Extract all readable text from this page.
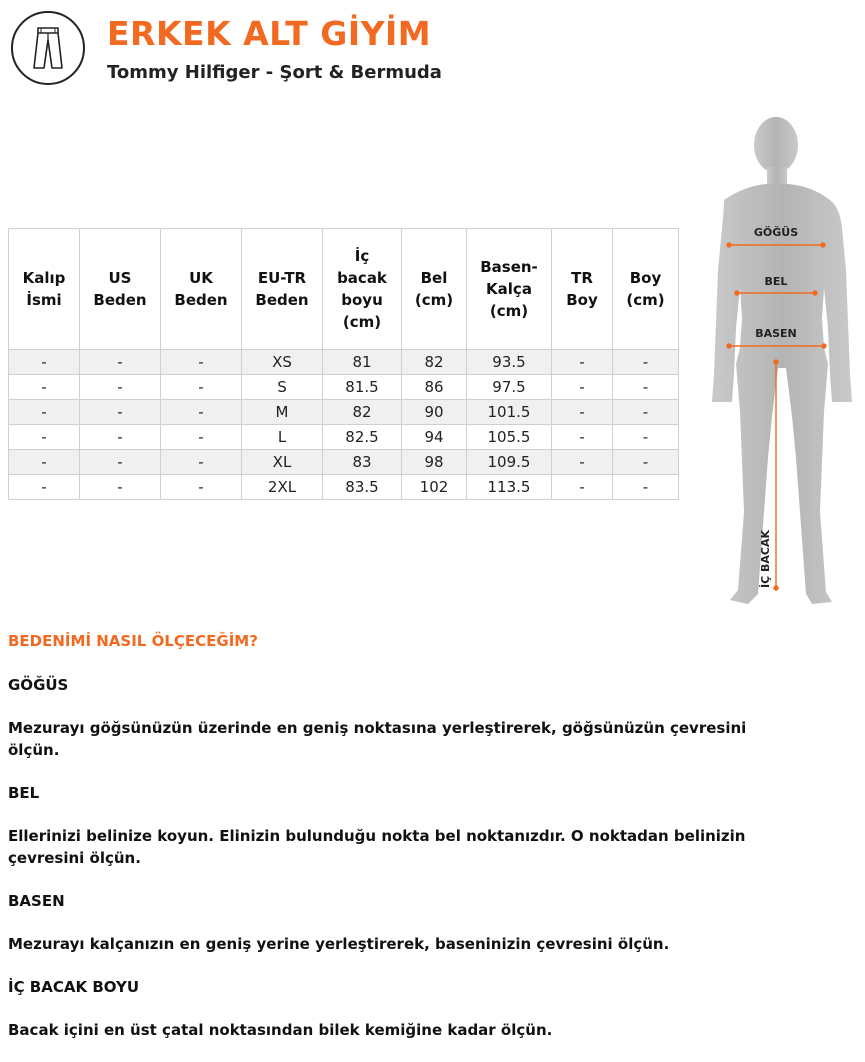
ERKEK ALT GİYİM
Tommy Hilfiger - Şort & Bermuda
Kalıp İsmi	US Beden	UK Beden	EU-TR Beden	İç bacak boyu (cm)	Bel (cm)	Basen-Kalça (cm)	TR Boy	Boy (cm)
-	-	-	XS	81	82	93.5	-	-
-	-	-	S	81.5	86	97.5	-	-
-	-	-	M	82	90	101.5	-	-
-	-	-	L	82.5	94	105.5	-	-
-	-	-	XL	83	98	109.5	-	-
-	-	-	2XL	83.5	102	113.5	-	-
GÖĞÜS
BEL
BASEN
İÇ BACAK

BEDENİMİ NASIL ÖLÇECEĞİM?

GÖĞÜS

Mezurayı göğsünüzün üzerinde en geniş noktasına yerleştirerek, göğsünüzün çevresini ölçün.

BEL

Ellerinizi belinize koyun. Elinizin bulunduğu nokta bel noktanızdır. O noktadan belinizin çevresini ölçün.

BASEN

Mezurayı kalçanızın en geniş yerine yerleştirerek, baseninizin çevresini ölçün.

İÇ BACAK BOYU

Bacak içini en üst çatal noktasından bilek kemiğine kadar ölçün.
